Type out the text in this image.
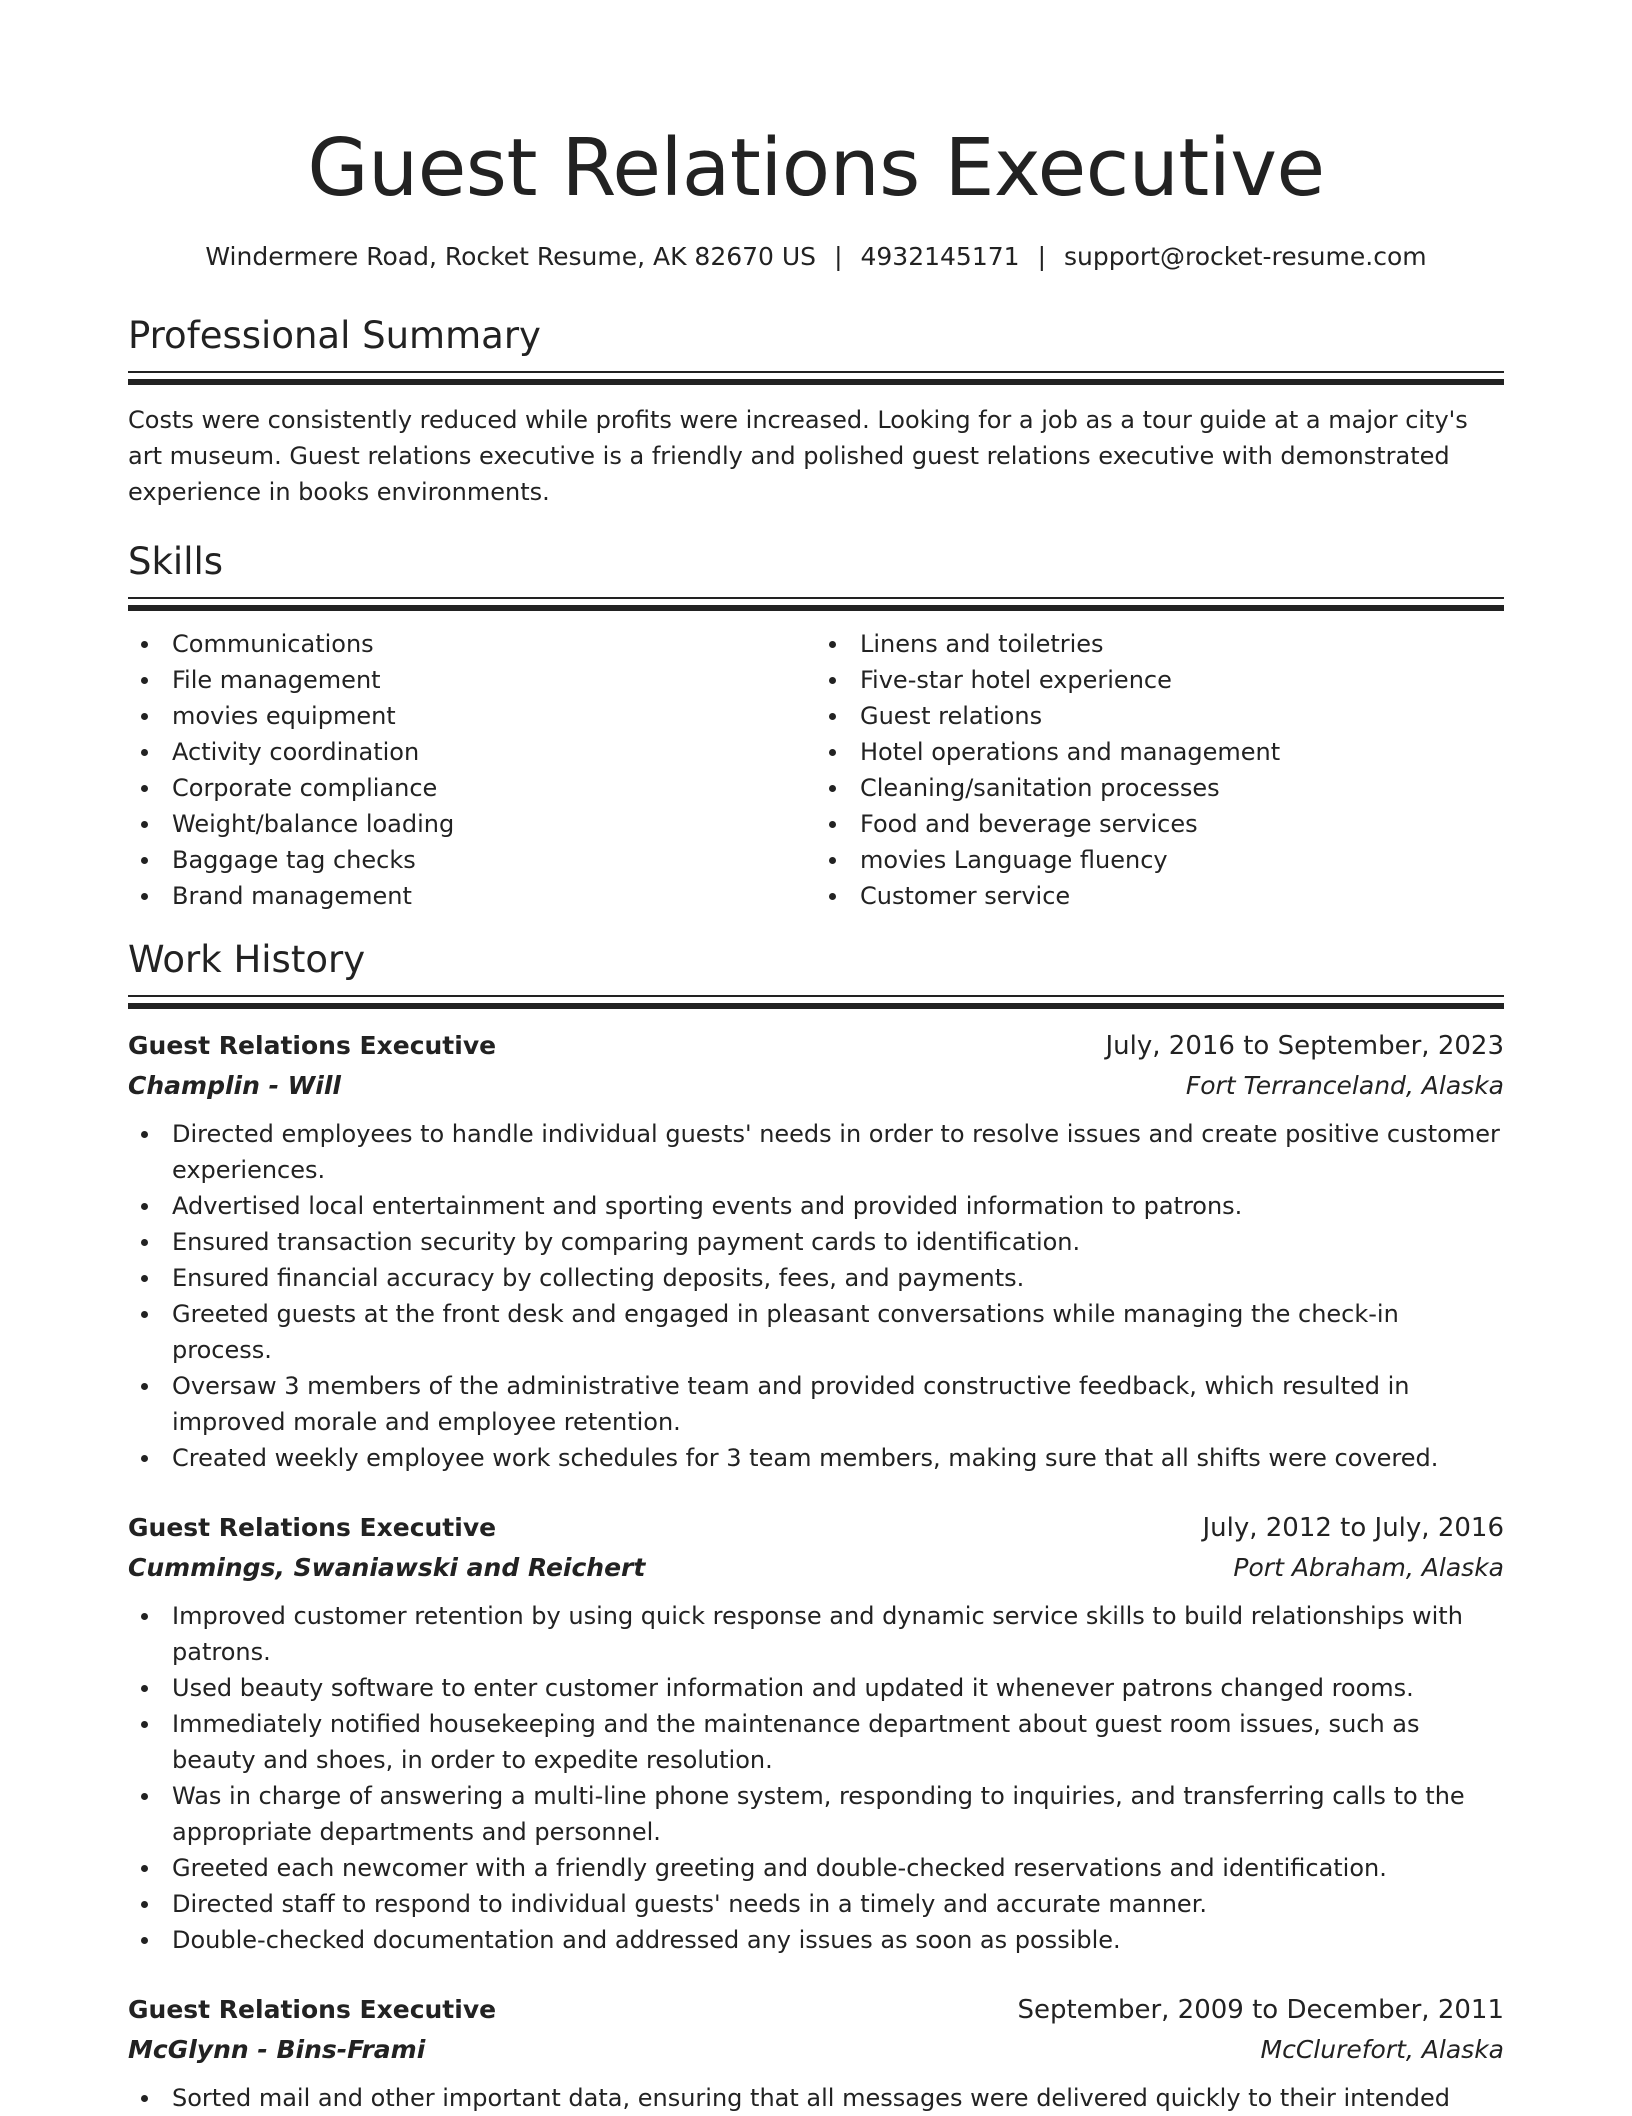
Guest Relations Executive
Windermere Road, Rocket Resume, AK 82670 US | 4932145171 | support@rocket-resume.com
Professional Summary

Costs were consistently reduced while profits were increased. Looking for a job as a tour guide at a major city's art museum. Guest relations executive is a friendly and polished guest relations executive with demonstrated experience in books environments.

Skills
Communications
File management
movies equipment
Activity coordination
Corporate compliance
Weight/balance loading
Baggage tag checks
Brand management
Linens and toiletries
Five-star hotel experience
Guest relations
Hotel operations and management
Cleaning/sanitation processes
Food and beverage services
movies Language fluency
Customer service
Work History
Guest Relations Executive	July, 2016 to September, 2023
Champlin - Will	Fort Terranceland, Alaska
Directed employees to handle individual guests' needs in order to resolve issues and create positive customer experiences.
Advertised local entertainment and sporting events and provided information to patrons.
Ensured transaction security by comparing payment cards to identification.
Ensured financial accuracy by collecting deposits, fees, and payments.
Greeted guests at the front desk and engaged in pleasant conversations while managing the check-in process.
Oversaw 3 members of the administrative team and provided constructive feedback, which resulted in improved morale and employee retention.
Created weekly employee work schedules for 3 team members, making sure that all shifts were covered.
Guest Relations Executive	July, 2012 to July, 2016
Cummings, Swaniawski and Reichert	Port Abraham, Alaska
Improved customer retention by using quick response and dynamic service skills to build relationships with patrons.
Used beauty software to enter customer information and updated it whenever patrons changed rooms.
Immediately notified housekeeping and the maintenance department about guest room issues, such as beauty and shoes, in order to expedite resolution.
Was in charge of answering a multi-line phone system, responding to inquiries, and transferring calls to the appropriate departments and personnel.
Greeted each newcomer with a friendly greeting and double-checked reservations and identification.
Directed staff to respond to individual guests' needs in a timely and accurate manner.
Double-checked documentation and addressed any issues as soon as possible.
Guest Relations Executive	September, 2009 to December, 2011
McGlynn - Bins-Frami	McClurefort, Alaska
Sorted mail and other important data, ensuring that all messages were delivered quickly to their intended
